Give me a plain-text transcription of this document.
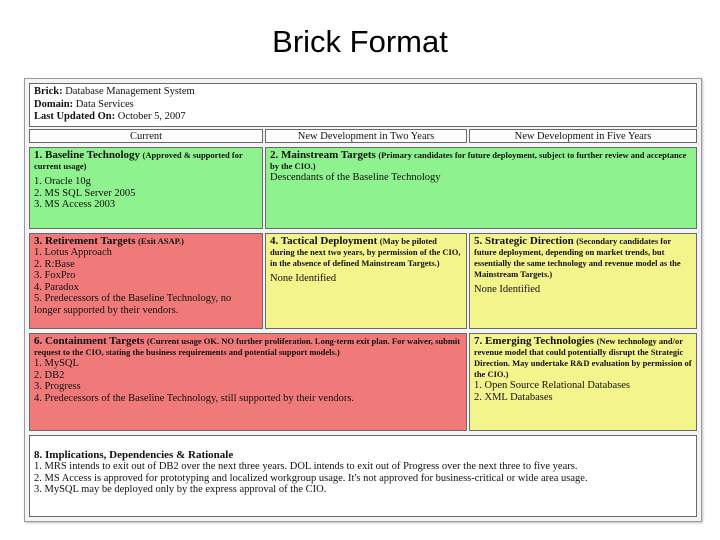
Brick Format
Brick: Database Management System
Domain: Data Services
Last Updated On: October 5, 2007
Current	New Development in Two Years	New Development in Five Years
1. Baseline Technology (Approved & supported for current usage)
1. Oracle 10g
2. MS SQL Server 2005
3. MS Access 2003
2. Mainstream Targets (Primary candidates for future deployment, subject to further review and acceptance by the CIO.)
Descendants of the Baseline Technology
3. Retirement Targets (Exit ASAP.)
1. Lotus Approach
2. R:Base
3. FoxPro
4. Paradox
5. Predecessors of the Baseline Technology, no longer supported by their vendors.
4. Tactical Deployment (May be piloted during the next two years, by permission of the CIO, in the absence of defined Mainstream Targets.)
None Identified
5. Strategic Direction (Secondary candidates for future deployment, depending on market trends, but essentially the same technology and revenue model as the Mainstream Targets.)
None Identified
6. Containment Targets (Current usage OK. NO further proliferation. Long-term exit plan. For waiver, submit request to the CIO, stating the business requirements and potential support models.)
1. MySQL
2. DB2
3. Progress
4. Predecessors of the Baseline Technology, still supported by their vendors.
7. Emerging Technologies (New technology and/or revenue model that could potentially disrupt the Strategic Direction. May undertake R&D evaluation by permission of the CIO.)
1. Open Source Relational Databases
2. XML Databases
8. Implications, Dependencies & Rationale
1. MRS intends to exit out of DB2 over the next three years. DOL intends to exit out of Progress over the next three to five years.
2. MS Access is approved for prototyping and localized workgroup usage. It's not approved for business-critical or wide area usage.
3. MySQL may be deployed only by the express approval of the CIO.
